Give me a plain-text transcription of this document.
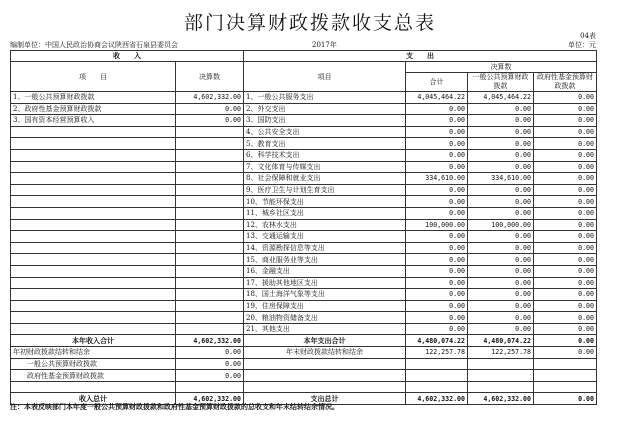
部门决算财政拨款收支总表
04表
编制单位：中国人民政治协商会议陕西省石泉县委员会	2017年	单位：元
收　　入		支　　出			
项　　目	决算数	项目	决算数		
			合计	一般公共预算财政拨款	政府性基金预算财政拨款

1、一般公共预算财政拨款	4,602,332.00	1、一般公共服务支出	4,045,464.22	4,045,464.22	0.00
2、政府性基金预算财政拨款	0.00	2、外交支出	0.00	0.00	0.00
3、国有资本经营预算收入	0.00	3、国防支出	0.00	0.00	0.00
		4、公共安全支出	0.00	0.00	0.00
		5、教育支出	0.00	0.00	0.00
		6、科学技术支出	0.00	0.00	0.00
		7、文化体育与传媒支出	0.00	0.00	0.00
		8、社会保障和就业支出	334,610.00	334,610.00	0.00
		9、医疗卫生与计划生育支出	0.00	0.00	0.00
		10、节能环保支出	0.00	0.00	0.00
		11、城乡社区支出	0.00	0.00	0.00
		12、农林水支出	100,000.00	100,000.00	0.00
		13、交通运输支出	0.00	0.00	0.00
		14、资源勘探信息等支出	0.00	0.00	0.00
		15、商业服务业等支出	0.00	0.00	0.00
		16、金融支出	0.00	0.00	0.00
		17、援助其他地区支出	0.00	0.00	0.00
		18、国土海洋气象等支出	0.00	0.00	0.00
		19、住房保障支出	0.00	0.00	0.00
		20、粮油物资储备支出	0.00	0.00	0.00
		21、其他支出	0.00	0.00	0.00
本年收入合计	4,602,332.00	本年支出合计	4,480,074.22	4,480,074.22	0.00
年初财政拨款结转和结余	0.00	年末财政拨款结转和结余	122,257.78	122,257.78	0.00
一般公共预算财政拨款	0.00				
政府性基金预算财政拨款	0.00				

收入总计	4,602,332.00	支出总计	4,602,332.00	4,602,332.00	0.00
注：本表反映部门本年度一般公共预算财政拨款和政府性基金预算财政拨款的总收支和年末结转结余情况。
